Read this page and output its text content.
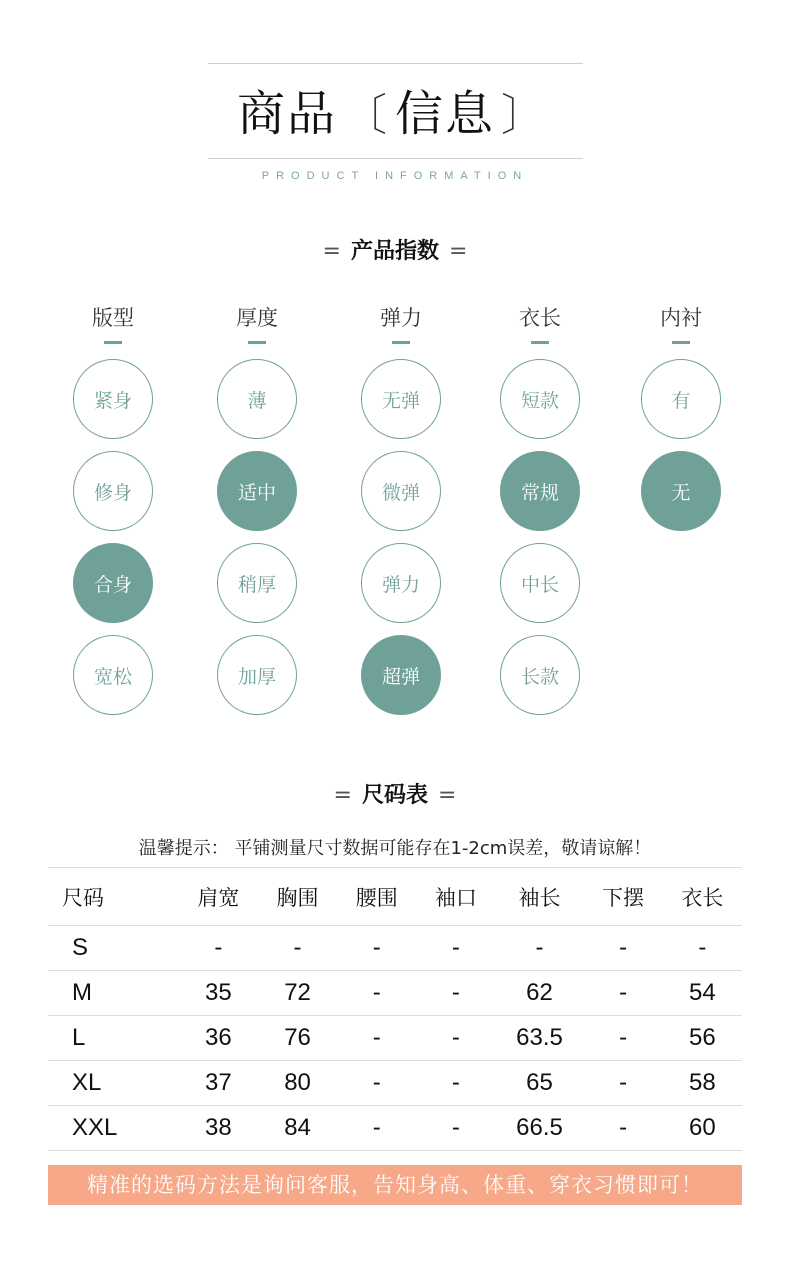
商品 〔 信息 〕
PRODUCT INFORMATION
= 产品指数 =
版型
紧身
修身
合身
宽松
厚度
薄
适中
稍厚
加厚
弹力
无弹
微弹
弹力
超弹
衣长
短款
常规
中长
长款
内衬
有
无
= 尺码表 =
温馨提示： 平铺测量尺寸数据可能存在1-2cm误差，敬请谅解！
尺码	肩宽	胸围	腰围	袖口	袖长	下摆	衣长
S	-	-	-	-	-	-	-
M	35	72	-	-	62	-	54
L	36	76	-	-	63.5	-	56
XL	37	80	-	-	65	-	58
XXL	38	84	-	-	66.5	-	60
精准的选码方法是询问客服，告知身高、体重、穿衣习惯即可！
